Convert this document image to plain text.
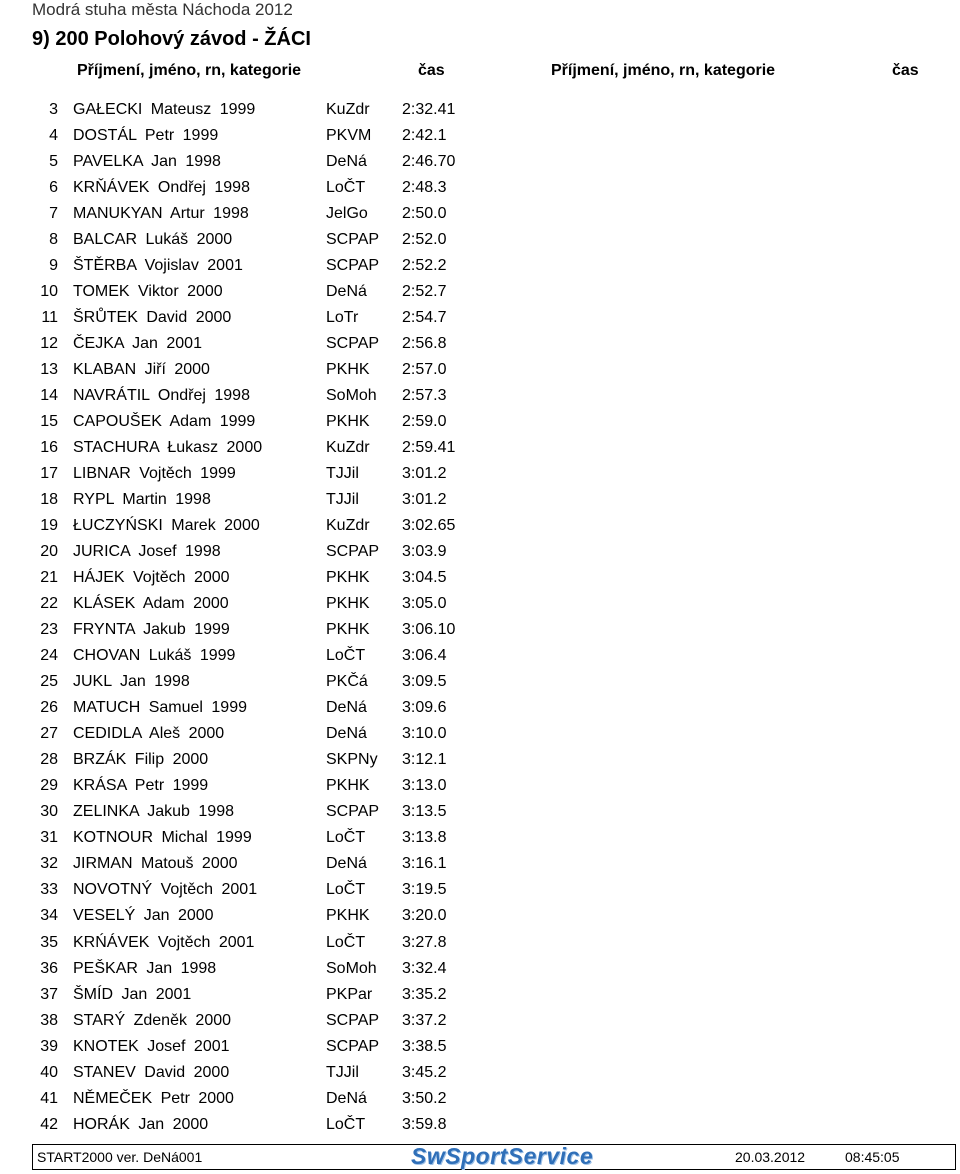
Modrá stuha města Náchoda 2012
9) 200 Polohový závod - ŽÁCI
Příjmení, jméno, rn, kategorie	čas	Příjmení, jméno, rn, kategorie	čas
3 GAŁECKI Mateusz 1999	KuZdr 2:32.41
4 DOSTÁL Petr 1999	PKVM 2:42.1
5 PAVELKA Jan 1998	DeNá 2:46.70
6 KRŇÁVEK Ondřej 1998	LoČT 2:48.3
7 MANUKYAN Artur 1998	JelGo 2:50.0
8 BALCAR Lukáš 2000	SCPAP 2:52.0
9 ŠTĚRBA Vojislav 2001	SCPAP 2:52.2
10 TOMEK Viktor 2000	DeNá 2:52.7
11 ŠRŮTEK David 2000	LoTr	2:54.7
12 ČEJKA Jan 2001	SCPAP 2:56.8
13 KLABAN Jiří 2000	PKHK 2:57.0
14 NAVRÁTIL Ondřej 1998	SoMoh 2:57.3
15 CAPOUŠEK Adam 1999	PKHK 2:59.0
16 STACHURA Łukasz 2000	KuZdr 2:59.41
17 LIBNAR Vojtěch 1999	TJJil	3:01.2
18 RYPL Martin 1998	TJJil	3:01.2
19 ŁUCZYŃSKI Marek 2000	KuZdr 3:02.65
20 JURICA Josef 1998	SCPAP 3:03.9
21 HÁJEK Vojtěch 2000	PKHK 3:04.5
22 KLÁSEK Adam 2000	PKHK 3:05.0
23 FRYNTA Jakub 1999	PKHK 3:06.10
24 CHOVAN Lukáš 1999	LoČT 3:06.4
25 JUKL Jan 1998	PKČá 3:09.5
26 MATUCH Samuel 1999	DeNá 3:09.6
27 CEDIDLA Aleš 2000	DeNá 3:10.0
28 BRZÁK Filip 2000	SKPNy 3:12.1
29 KRÁSA Petr 1999	PKHK 3:13.0
30 ZELINKA Jakub 1998	SCPAP 3:13.5
31 KOTNOUR Michal 1999	LoČT 3:13.8
32 JIRMAN Matouš 2000	DeNá 3:16.1
33 NOVOTNÝ Vojtěch 2001	LoČT 3:19.5
34 VESELÝ Jan 2000	PKHK 3:20.0
35 KRŃÁVEK Vojtěch 2001	LoČT 3:27.8
36 PEŠKAR Jan 1998	SoMoh 3:32.4
37 ŠMÍD Jan 2001	PKPar 3:35.2
38 STARÝ Zdeněk 2000	SCPAP 3:37.2
39 KNOTEK Josef 2001	SCPAP 3:38.5
40 STANEV David 2000	TJJil	3:45.2
41 NĚMEČEK Petr 2000	DeNá 3:50.2
42 HORÁK Jan 2000	LoČT 3:59.8
START2000 ver. DeNá001	SwSportService	20.03.2012	08:45:05
